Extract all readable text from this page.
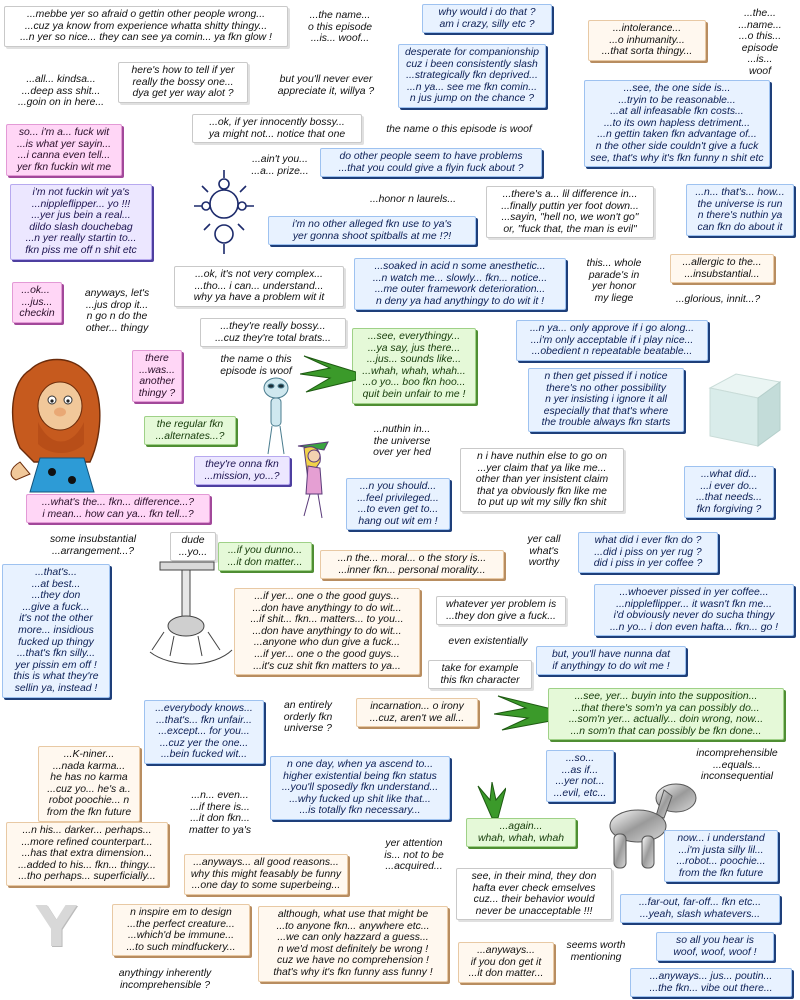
...mebbe yer so afraid o gettin other people wrong...
...cuz ya know from experience whatta shitty thingy...
...n yer so nice... they can see ya comin... ya fkn glow !
...the name...
o this episode
...is... woof...
why would i do that ?
am i crazy, silly etc ?	...intolerance...
...o inhumanity...
...that sorta thingy...
...the...
...name...
...o this...
episode
...is...
woof
...all... kindsa...
...deep ass shit...
...goin on in here...
here's how to tell if yer
really the bossy one...
dya get yer way alot ?
but you'll never ever
appreciate it, willya ?
desperate for companionship
cuz i been consistently slash
...strategically fkn deprived...
...n ya... see me fkn comin...
n jus jump on the chance ?
...see, the one side is...
...tryin to be reasonable...
...at all infeasable fkn costs...
...to its own hapless detriment...
...n gettin taken fkn advantage of...
n the other side couldn't give a fuck
see, that's why it's fkn funny n shit etc
so... i'm a... fuck wit
...is what yer sayin...
...i canna even tell...
yer fkn fuckin wit me
...ok, if yer innocently bossy...
ya might not... notice that one	the name o this episode is woof
...ain't you...
...a... prize...
do other people seem to have problems
...that you could give a flyin fuck about ?
i'm not fuckin wit ya's
...nippleflipper... yo !!!
...yer jus bein a real...
dildo slash douchebag
...n yer really startin to...
fkn piss me off n shit etc
...honor n laurels...	...there's a... lil difference in...
...finally puttin yer foot down...
...sayin, "hell no, we won't go"
or, "fuck that, the man is evil"
...n... that's... how...
the universe is run
n there's nuthin ya
can fkn do about it
i'm no other alleged fkn use to ya's
yer gonna shoot spitballs at me !?!
...ok...
...jus...
checkin
anyways, let's
...jus drop it...
n go n do the
other... thingy
...ok, it's not very complex...
...tho... i can... understand...
why ya have a problem wit it
...soaked in acid n some anesthetic...
...n watch me... slowly... fkn... notice...
...me outer framework deterioration...
n deny ya had anythingy to do wit it !
this... whole
parade's in
yer honor
my liege
...allergic to the...
...insubstantial...
...glorious, innit...?
...they're really bossy...
...cuz they're total brats...	...see, everythingy...
...ya say, jus there...
...jus... sounds like...
...whah, whah, whah...
...o yo... boo fkn hoo...
quit bein unfair to me !
...n ya... only approve if i go along...
...i'm only acceptable if i play nice...
...obedient n repeatable beatable...
there
...was...
another
thingy ?
the name o this
episode is woof	n then get pissed if i notice
there's no other possibility
n yer insisting i ignore it all
especially that that's where
the trouble always fkn starts
the regular fkn
...alternates...?
...nuthin in...
the universe
over yer hed
they're onna fkn
...mission, yo...?
n i have nuthin else to go on
...yer claim that ya like me...
other than yer insistent claim
that ya obviously fkn like me
to put up wit my silly fkn shit
...what did...
...i ever do...
...that needs...
fkn forgiving ?
...what's the... fkn... difference...?
i mean... how can ya... fkn tell...?
...n you should...
...feel privileged...
...to even get to...
hang out wit em !
some insubstantial
...arrangement...?
dude
...yo...	...if you dunno...
...it don matter...	...n the... moral... o the story is...
...inner fkn... personal morality...
yer call
what's
worthy
what did i ever fkn do ?
...did i piss on yer rug ?
did i piss in yer coffee ?
...that's...
...at best...
...they don
...give a fuck...
it's not the other
more... insidious
fucked up thingy
...that's fkn silly...
yer pissin em off !
this is what they're
sellin ya, instead !
...if yer... one o the good guys...
...don have anythingy to do wit...
...if shit... fkn... matters... to you...
...don have anythingy to do wit...
...anyone who dun give a fuck...
...if yer... one o the good guys...
...it's cuz shit fkn matters to ya...
whatever yer problem is
...they don give a fuck...
...whoever pissed in yer coffee...
...nippleflipper... it wasn't fkn me...
i'd obviously never do sucha thingy
...n yo... i don even hafta... fkn... go !
even existentially
take for example
this fkn character
but, you'll have nunna dat
if anythingy to do wit me !
...everybody knows...
...that's... fkn unfair...
...except... for you...
...cuz yer the one...
...bein fucked wit...
an entirely
orderly fkn
universe ?
incarnation... o irony
...cuz, aren't we all...
...see, yer... buyin into the supposition...
...that there's som'n ya can possibly do...
...som'n yer... actually... doin wrong, now...
...n som'n that can possibly be fkn done...
incomprehensible
...equals...
inconsequential
...K-niner...
...nada karma...
he has no karma
...cuz yo... he's a..
robot poochie... n
from the fkn future
n one day, when ya ascend to...
higher existential being fkn status
...you'll sposedly fkn understand...
...why fucked up shit like that...
...is totally fkn necessary...
...so...
...as if...
...yer not...
...evil, etc...
...n... even...
...if there is...
...it don fkn...
matter to ya's	...again...
whah, whah, whah
...n his... darker... perhaps...
...more refined counterpart...
...has that extra dimension...
...added to his... fkn... thingy...
...tho perhaps... superficially...
...anyways... all good reasons...
why this might feasably be funny
...one day to some superbeing...
yer attention
is... not to be
...acquired...
now... i understand
...i'm justa silly lil...
...robot... poochie...
from the fkn future
see, in their mind, they don
hafta ever check emselves
cuz... their behavior would
never be unacceptable !!!
...far-out, far-off... fkn etc...
...yeah, slash whatevers...
Y	n inspire em to design
...the perfect creature...
...which'd be immune...
...to such mindfuckery...
although, what use that might be
...to anyone fkn... anywhere etc...
...we can only hazzard a guess...
n we'd most definitely be wrong !
cuz we have no comprehension !
that's why it's fkn funny ass funny !
so all you hear is
woof, woof, woof !
...anyways...
if you don get it
...it don matter...
seems worth
mentioning
anythingy inherently
incomprehensible ?
...anyways... jus... poutin...
...the fkn... vibe out there...
